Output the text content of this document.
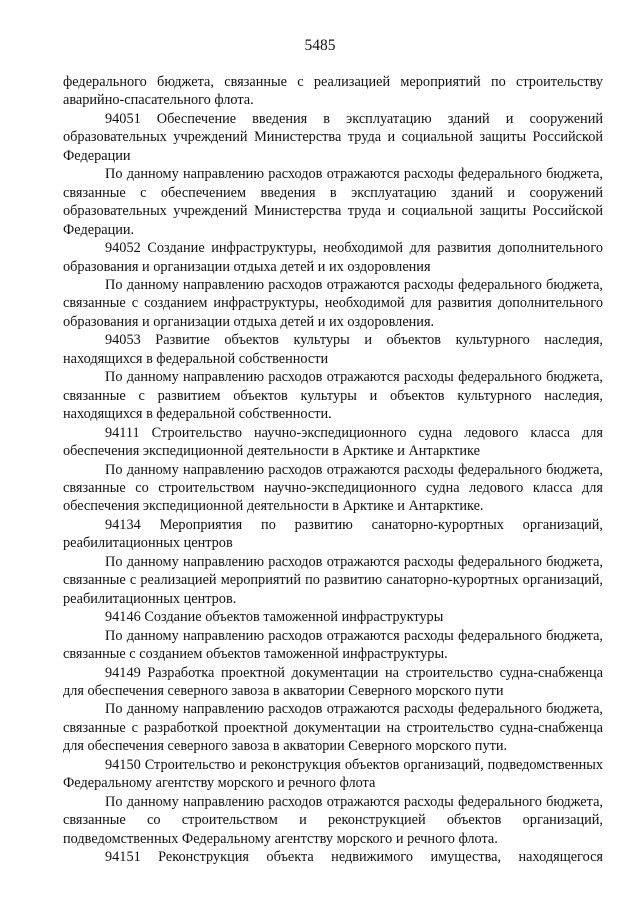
5485

федерального бюджета, связанные с реализацией мероприятий по строительству аварийно-спасательного флота.

94051 Обеспечение введения в эксплуатацию зданий и сооружений образовательных учреждений Министерства труда и социальной защиты Российской Федерации

По данному направлению расходов отражаются расходы федерального бюджета, связанные с обеспечением введения в эксплуатацию зданий и сооружений образовательных учреждений Министерства труда и социальной защиты Российской Федерации.

94052 Создание инфраструктуры, необходимой для развития дополнительного образования и организации отдыха детей и их оздоровления

По данному направлению расходов отражаются расходы федерального бюджета, связанные с созданием инфраструктуры, необходимой для развития дополнительного образования и организации отдыха детей и их оздоровления.

94053 Развитие объектов культуры и объектов культурного наследия, находящихся в федеральной собственности

По данному направлению расходов отражаются расходы федерального бюджета, связанные с развитием объектов культуры и объектов культурного наследия, находящихся в федеральной собственности.

94111 Строительство научно-экспедиционного судна ледового класса для обеспечения экспедиционной деятельности в Арктике и Антарктике

По данному направлению расходов отражаются расходы федерального бюджета, связанные со строительством научно-экспедиционного судна ледового класса для обеспечения экспедиционной деятельности в Арктике и Антарктике.

94134 Мероприятия по развитию санаторно-курортных организаций, реабилитационных центров

По данному направлению расходов отражаются расходы федерального бюджета, связанные с реализацией мероприятий по развитию санаторно-курортных организаций, реабилитационных центров.

94146 Создание объектов таможенной инфраструктуры

По данному направлению расходов отражаются расходы федерального бюджета, связанные с созданием объектов таможенной инфраструктуры.

94149 Разработка проектной документации на строительство судна-снабженца для обеспечения северного завоза в акватории Северного морского пути

По данному направлению расходов отражаются расходы федерального бюджета, связанные с разработкой проектной документации на строительство судна-снабженца для обеспечения северного завоза в акватории Северного морского пути.

94150 Строительство и реконструкция объектов организаций, подведомственных Федеральному агентству морского и речного флота

По данному направлению расходов отражаются расходы федерального бюджета, связанные со строительством и реконструкцией объектов организаций, подведомственных Федеральному агентству морского и речного флота.

94151 Реконструкция объекта недвижимого имущества, находящегося
